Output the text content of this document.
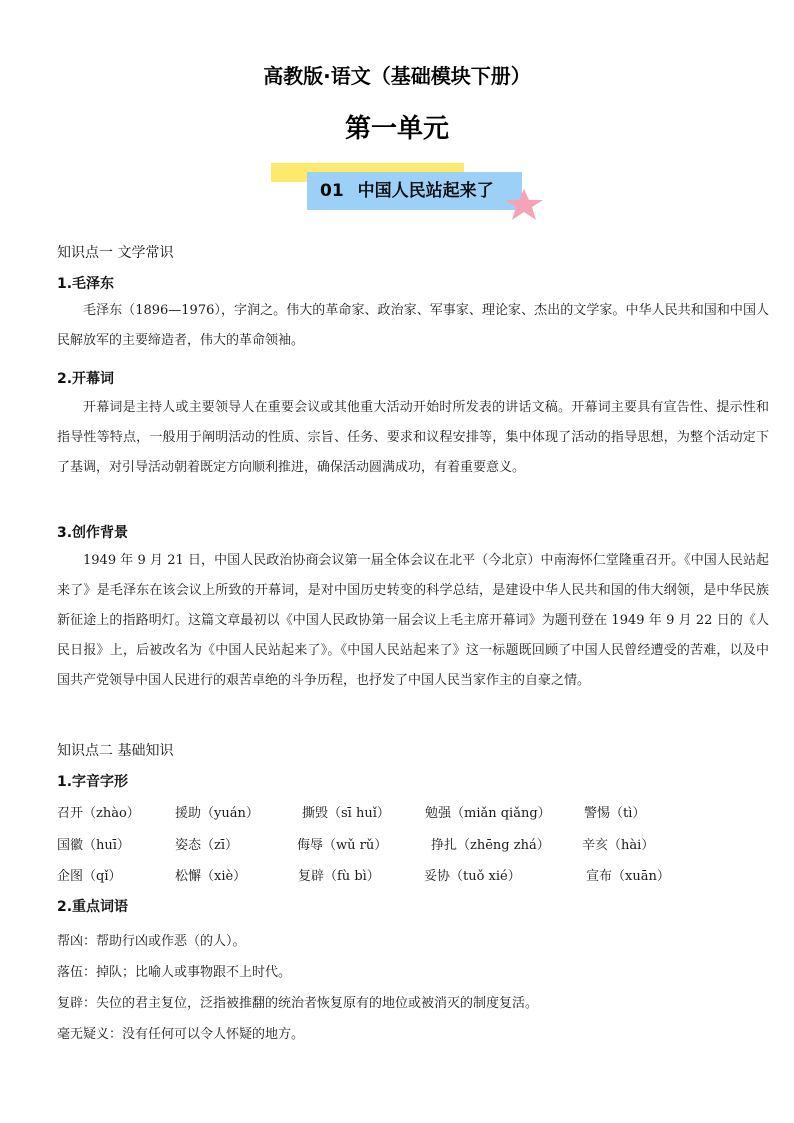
高教版·语文（基础模块下册）
第一单元
01 中国人民站起来了
知识点一 文学常识
1.毛泽东

毛泽东（1896—1976），字润之。伟大的革命家、政治家、军事家、理论家、杰出的文学家。中华人民共和国和中国人民解放军的主要缔造者，伟大的革命领袖。

2.开幕词

开幕词是主持人或主要领导人在重要会议或其他重大活动开始时所发表的讲话文稿。开幕词主要具有宣告性、提示性和指导性等特点，一般用于阐明活动的性质、宗旨、任务、要求和议程安排等，集中体现了活动的指导思想，为整个活动定下了基调，对引导活动朝着既定方向顺利推进，确保活动圆满成功，有着重要意义。

3.创作背景

1949 年 9 月 21 日，中国人民政治协商会议第一届全体会议在北平（今北京）中南海怀仁堂隆重召开。《中国人民站起来了》是毛泽东在该会议上所致的开幕词，是对中国历史转变的科学总结，是建设中华人民共和国的伟大纲领，是中华民族新征途上的指路明灯。这篇文章最初以《中国人民政协第一届会议上毛主席开幕词》为题刊登在 1949 年 9 月 22 日的《人民日报》上，后被改名为《中国人民站起来了》。《中国人民站起来了》这一标题既回顾了中国人民曾经遭受的苦难，以及中国共产党领导中国人民进行的艰苦卓绝的斗争历程，也抒发了中国人民当家作主的自豪之情。

知识点二 基础知识
1.字音字形
召开（zhào）	援助（yuán）	撕毁（sī huǐ）	勉强（miǎn qiǎng）	警惕（tì）
国徽（huī）	姿态（zī）	侮辱（wǔ rǔ）	挣扎（zhēng zhá） 辛亥（hài）
企图（qǐ）	松懈（xiè）	复辟（fù bì）	妥协（tuǒ xié）	宣布（xuān）
2.重点词语
帮凶：帮助行凶或作恶（的人）。
落伍：掉队；比喻人或事物跟不上时代。
复辟：失位的君主复位，泛指被推翻的统治者恢复原有的地位或被消灭的制度复活。
毫无疑义：没有任何可以令人怀疑的地方。
